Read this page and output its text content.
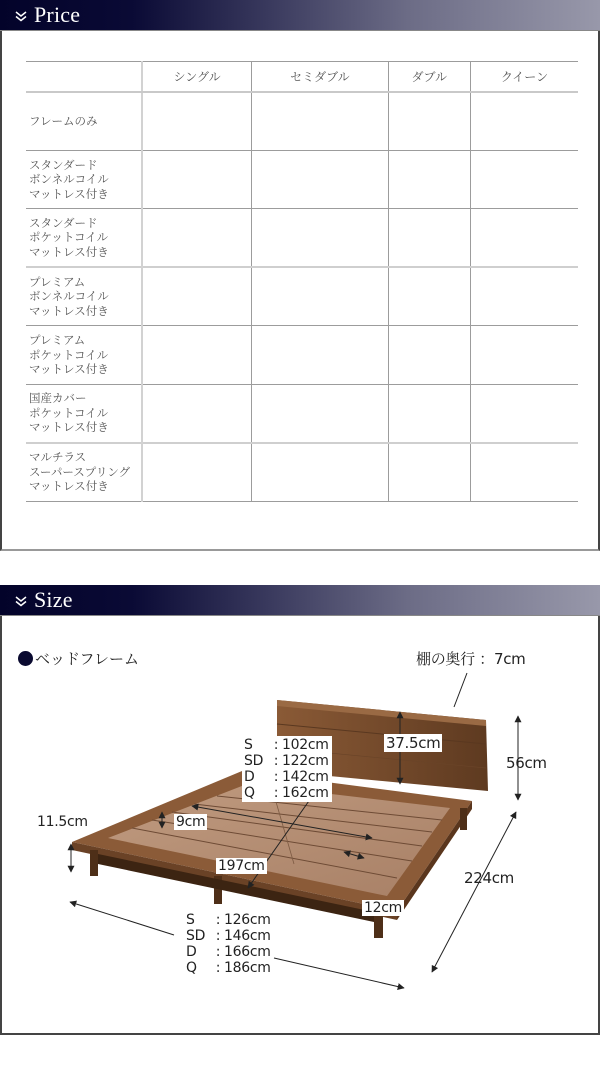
Price
	シングル	セミダブル	ダブル	クイーン

フレームのみ				

スタンダード
ボンネルコイル
マットレス付き				

スタンダード
ポケットコイル
マットレス付き				

プレミアム
ボンネルコイル
マットレス付き				

プレミアム
ポケットコイル
マットレス付き				

国産カバー
ポケットコイル
マットレス付き				

マルチラス
スーパースプリング
マットレス付き				

Size
ベッドフレーム	棚の奥行 ：7cm
37.5cm
56cm
11.5cm	9cm
197cm
224cm
12cm
S	: 102cm
SD : 122cm
D	: 142cm
Q	: 162cm
S	: 126cm
SD : 146cm
D	: 166cm
Q	: 186cm
